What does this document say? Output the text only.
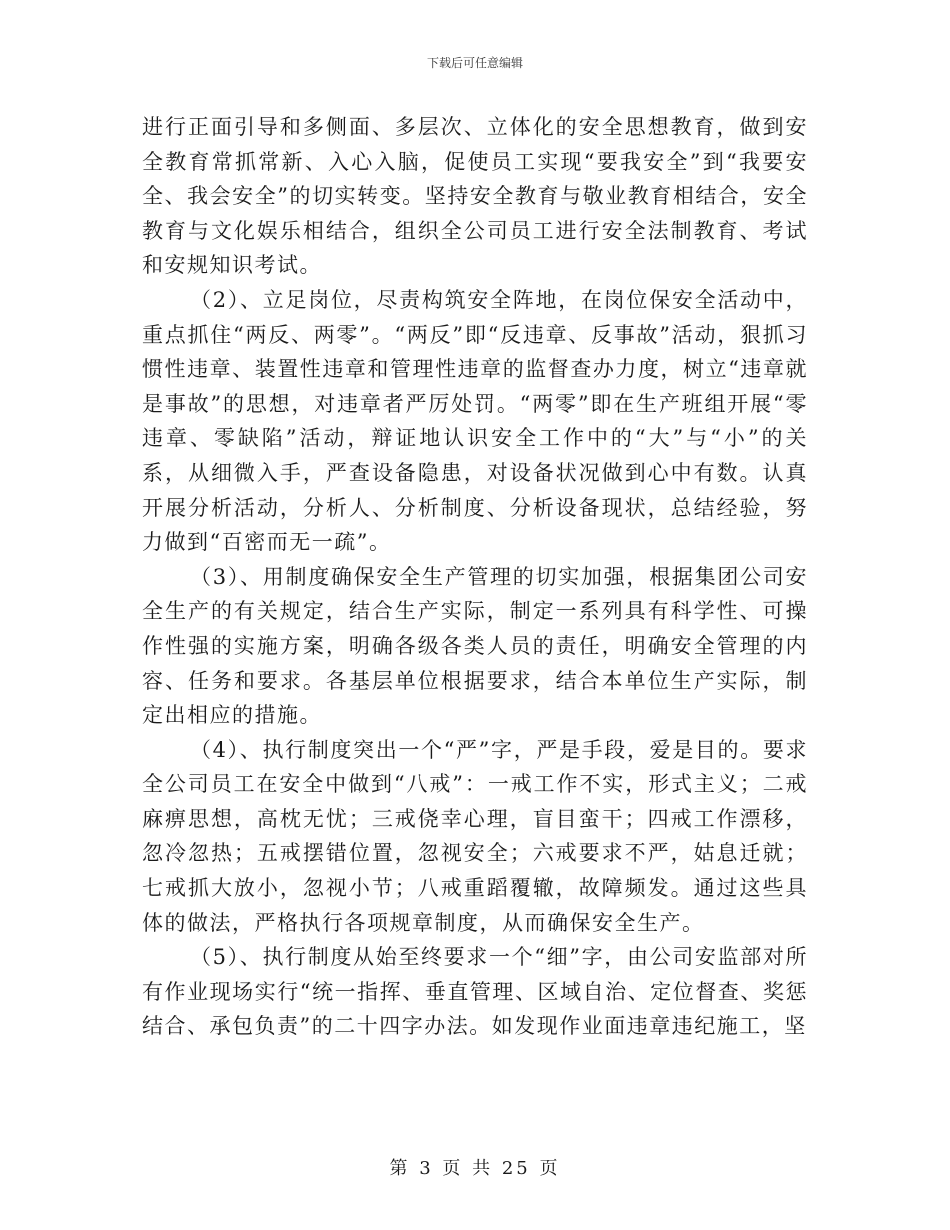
下载后可任意编辑

进行正面引导和多侧面、多层次、立体化的安全思想教育，做到安全教育常抓常新、入心入脑，促使员工实现“要我安全”到“我要安全、我会安全”的切实转变。坚持安全教育与敬业教育相结合，安全教育与文化娱乐相结合，组织全公司员工进行安全法制教育、考试和安规知识考试。

（2）、立足岗位，尽责构筑安全阵地，在岗位保安全活动中，重点抓住“两反、两零”。“两反”即“反违章、反事故”活动，狠抓习惯性违章、装置性违章和管理性违章的监督查办力度，树立“违章就是事故”的思想，对违章者严厉处罚。“两零”即在生产班组开展“零违章、零缺陷”活动，辩证地认识安全工作中的“大”与“小”的关系，从细微入手，严查设备隐患，对设备状况做到心中有数。认真开展分析活动，分析人、分析制度、分析设备现状，总结经验，努力做到“百密而无一疏”。

（3）、用制度确保安全生产管理的切实加强，根据集团公司安全生产的有关规定，结合生产实际，制定一系列具有科学性、可操作性强的实施方案，明确各级各类人员的责任，明确安全管理的内容、任务和要求。各基层单位根据要求，结合本单位生产实际，制定出相应的措施。

（4）、执行制度突出一个“严”字，严是手段，爱是目的。要求全公司员工在安全中做到“八戒”：一戒工作不实，形式主义；二戒麻痹思想，高枕无忧；三戒侥幸心理，盲目蛮干；四戒工作漂移，忽冷忽热；五戒摆错位置，忽视安全；六戒要求不严，姑息迁就；七戒抓大放小，忽视小节；八戒重蹈覆辙，故障频发。通过这些具体的做法，严格执行各项规章制度，从而确保安全生产。

（5）、执行制度从始至终要求一个“细”字，由公司安监部对所有作业现场实行“统一指挥、垂直管理、区域自治、定位督查、奖惩结合、承包负责”的二十四字办法。如发现作业面违章违纪施工，坚

第 3 页 共 25 页
